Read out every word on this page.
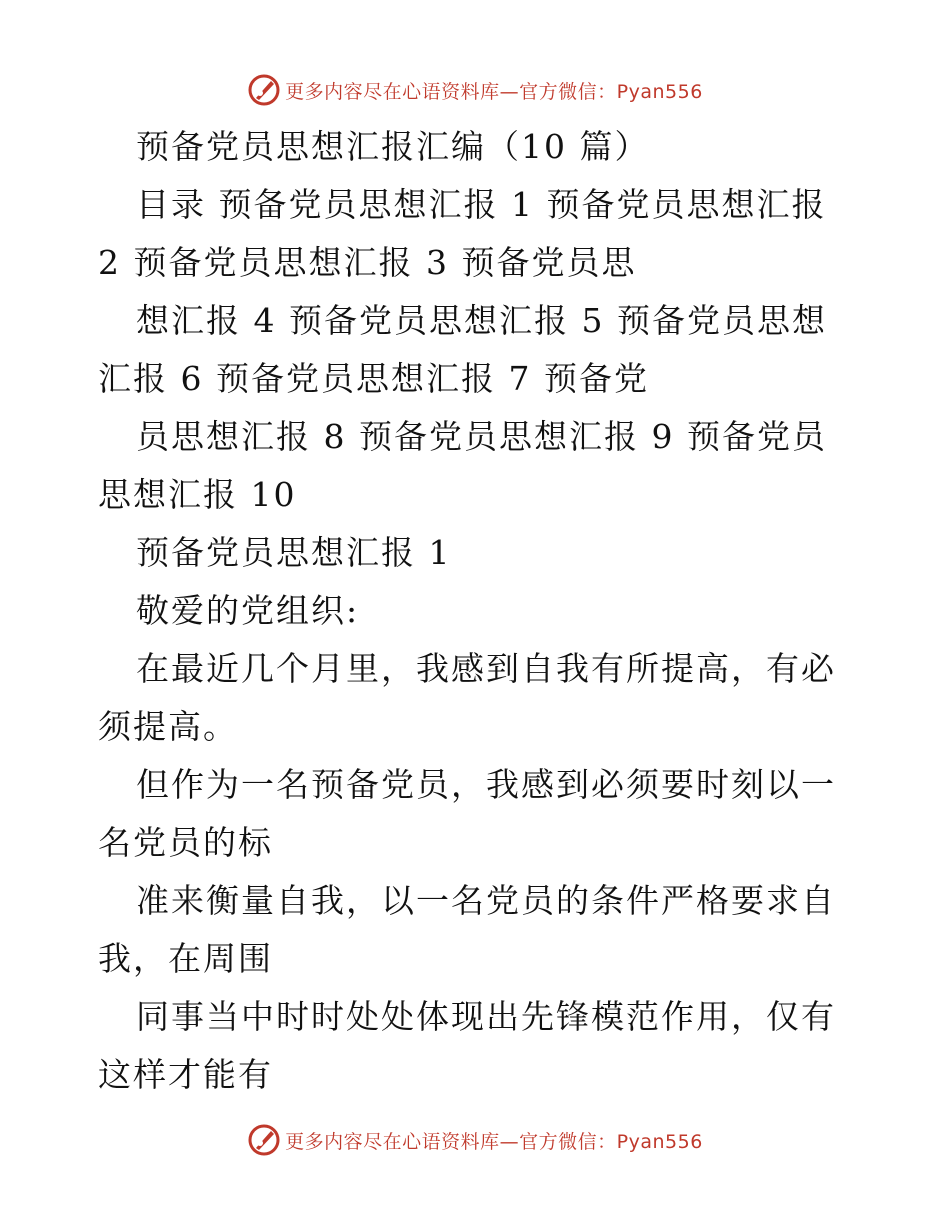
更多内容尽在心语资料库—官方微信：Pyan556

预备党员思想汇报汇编（10 篇）

目录 预备党员思想汇报 1 预备党员思想汇报 2 预备党员思想汇报 3 预备党员思

想汇报 4 预备党员思想汇报 5 预备党员思想汇报 6 预备党员思想汇报 7 预备党

员思想汇报 8 预备党员思想汇报 9 预备党员思想汇报 10

预备党员思想汇报 1

敬爱的党组织:

在最近几个月里，我感到自我有所提高，有必须提高。

但作为一名预备党员，我感到必须要时刻以一名党员的标

准来衡量自我，以一名党员的条件严格要求自我，在周围

同事当中时时处处体现出先锋模范作用，仅有这样才能有

更多内容尽在心语资料库—官方微信：Pyan556
